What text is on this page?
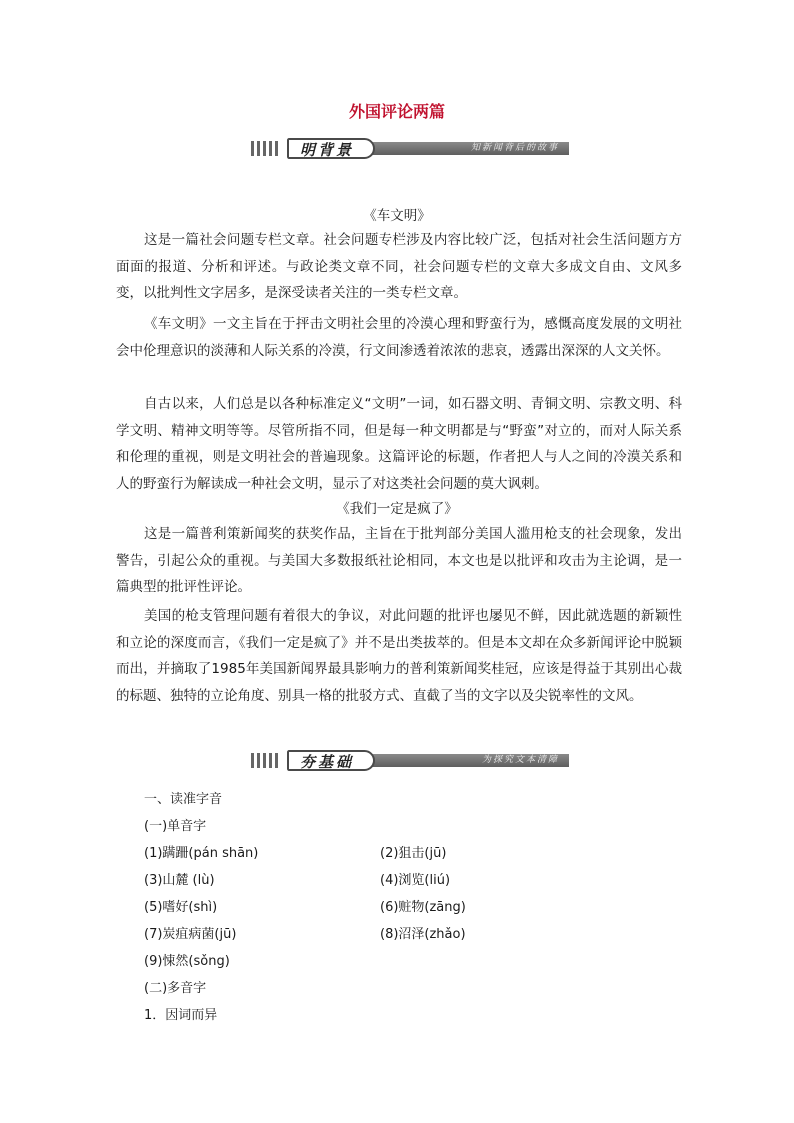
外国评论两篇
明背景	知新闻背后的故事
《车文明》

这是一篇社会问题专栏文章。社会问题专栏涉及内容比较广泛，包括对社会生活问题方方面面的报道、分析和评述。与政论类文章不同，社会问题专栏的文章大多成文自由、文风多变，以批判性文字居多，是深受读者关注的一类专栏文章。

《车文明》一文主旨在于抨击文明社会里的冷漠心理和野蛮行为，感慨高度发展的文明社会中伦理意识的淡薄和人际关系的冷漠，行文间渗透着浓浓的悲哀，透露出深深的人文关怀。

自古以来，人们总是以各种标准定义“文明”一词，如石器文明、青铜文明、宗教文明、科学文明、精神文明等等。尽管所指不同，但是每一种文明都是与“野蛮”对立的，而对人际关系和伦理的重视，则是文明社会的普遍现象。这篇评论的标题，作者把人与人之间的冷漠关系和人的野蛮行为解读成一种社会文明，显示了对这类社会问题的莫大讽刺。

《我们一定是疯了》

这是一篇普利策新闻奖的获奖作品，主旨在于批判部分美国人滥用枪支的社会现象，发出警告，引起公众的重视。与美国大多数报纸社论相同，本文也是以批评和攻击为主论调，是一篇典型的批评性评论。

美国的枪支管理问题有着很大的争议，对此问题的批评也屡见不鲜，因此就选题的新颖性和立论的深度而言，《我们一定是疯了》并不是出类拔萃的。但是本文却在众多新闻评论中脱颖而出，并摘取了1985年美国新闻界最具影响力的普利策新闻奖桂冠，应该是得益于其别出心裁的标题、独特的立论角度、别具一格的批驳方式、直截了当的文字以及尖锐率性的文风。

夯基础	为探究文本清障
一、读准字音
(一)单音字
(1)蹒跚(pán shān)	(2)狙击(jū)
(3)山麓 (lù)	(4)浏览(liú)
(5)嗜好(shì)	(6)赃物(zāng)
(7)炭疽病菌(jū)	(8)沼泽(zhǎo)
(9)悚然(sǒng)
(二)多音字
1．因词而异
